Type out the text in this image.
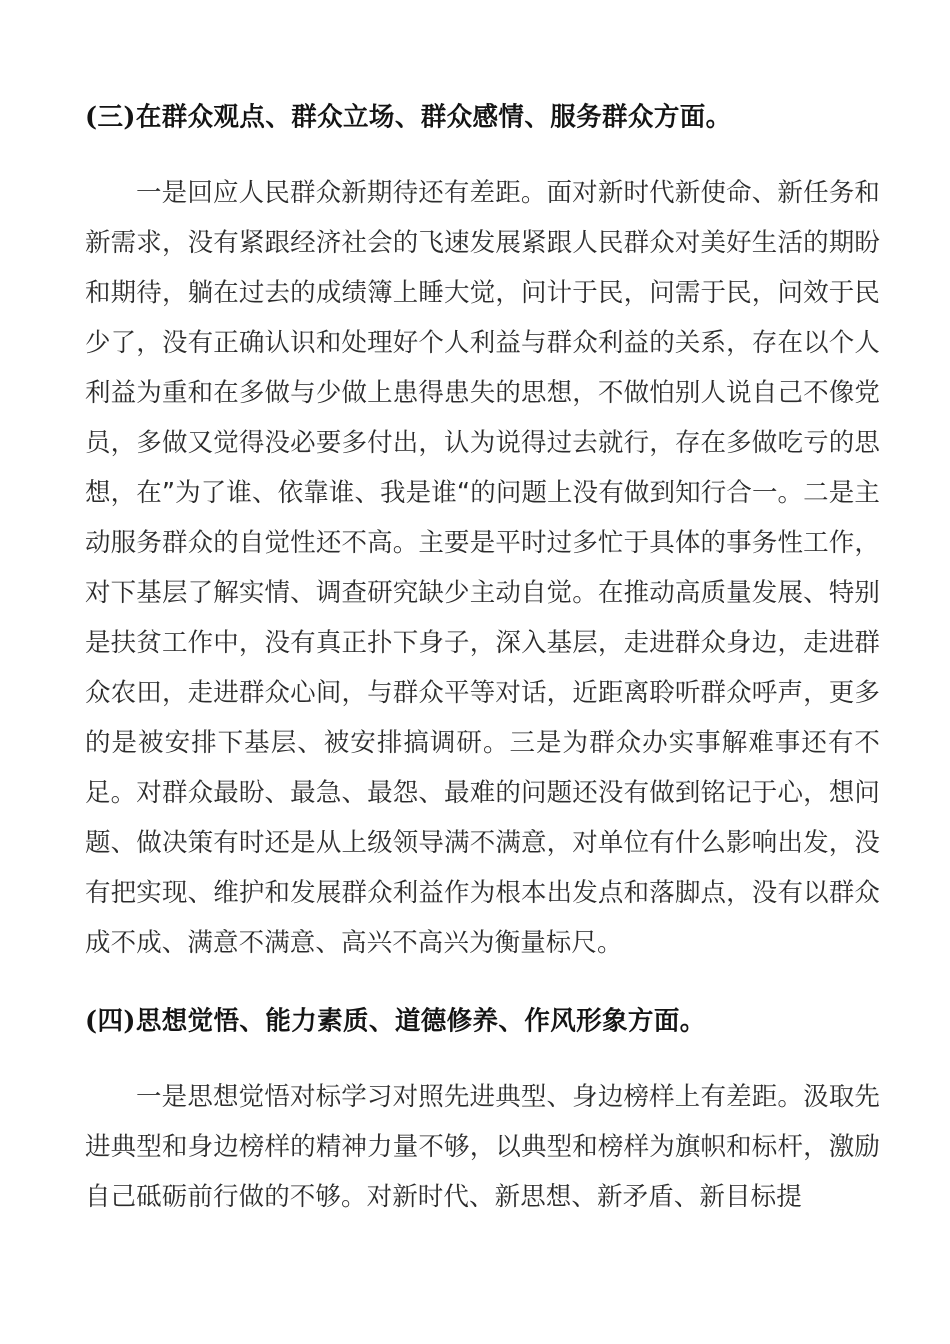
(三)在群众观点、群众立场、群众感情、服务群众方面。

一是回应人民群众新期待还有差距。面对新时代新使命、新任务和新需求，没有紧跟经济社会的飞速发展紧跟人民群众对美好生活的期盼和期待，躺在过去的成绩簿上睡大觉，问计于民，问需于民，问效于民少了，没有正确认识和处理好个人利益与群众利益的关系，存在以个人利益为重和在多做与少做上患得患失的思想，不做怕别人说自己不像党员，多做又觉得没必要多付出，认为说得过去就行，存在多做吃亏的思想，在”为了谁、依靠谁、我是谁“的问题上没有做到知行合一。二是主动服务群众的自觉性还不高。主要是平时过多忙于具体的事务性工作，对下基层了解实情、调查研究缺少主动自觉。在推动高质量发展、特别是扶贫工作中，没有真正扑下身子，深入基层，走进群众身边，走进群众农田，走进群众心间，与群众平等对话，近距离聆听群众呼声，更多的是被安排下基层、被安排搞调研。三是为群众办实事解难事还有不足。对群众最盼、最急、最怨、最难的问题还没有做到铭记于心，想问题、做决策有时还是从上级领导满不满意，对单位有什么影响出发，没有把实现、维护和发展群众利益作为根本出发点和落脚点，没有以群众成不成、满意不满意、高兴不高兴为衡量标尺。

(四)思想觉悟、能力素质、道德修养、作风形象方面。

一是思想觉悟对标学习对照先进典型、身边榜样上有差距。汲取先进典型和身边榜样的精神力量不够，以典型和榜样为旗帜和标杆，激励自己砥砺前行做的不够。对新时代、新思想、新矛盾、新目标提
